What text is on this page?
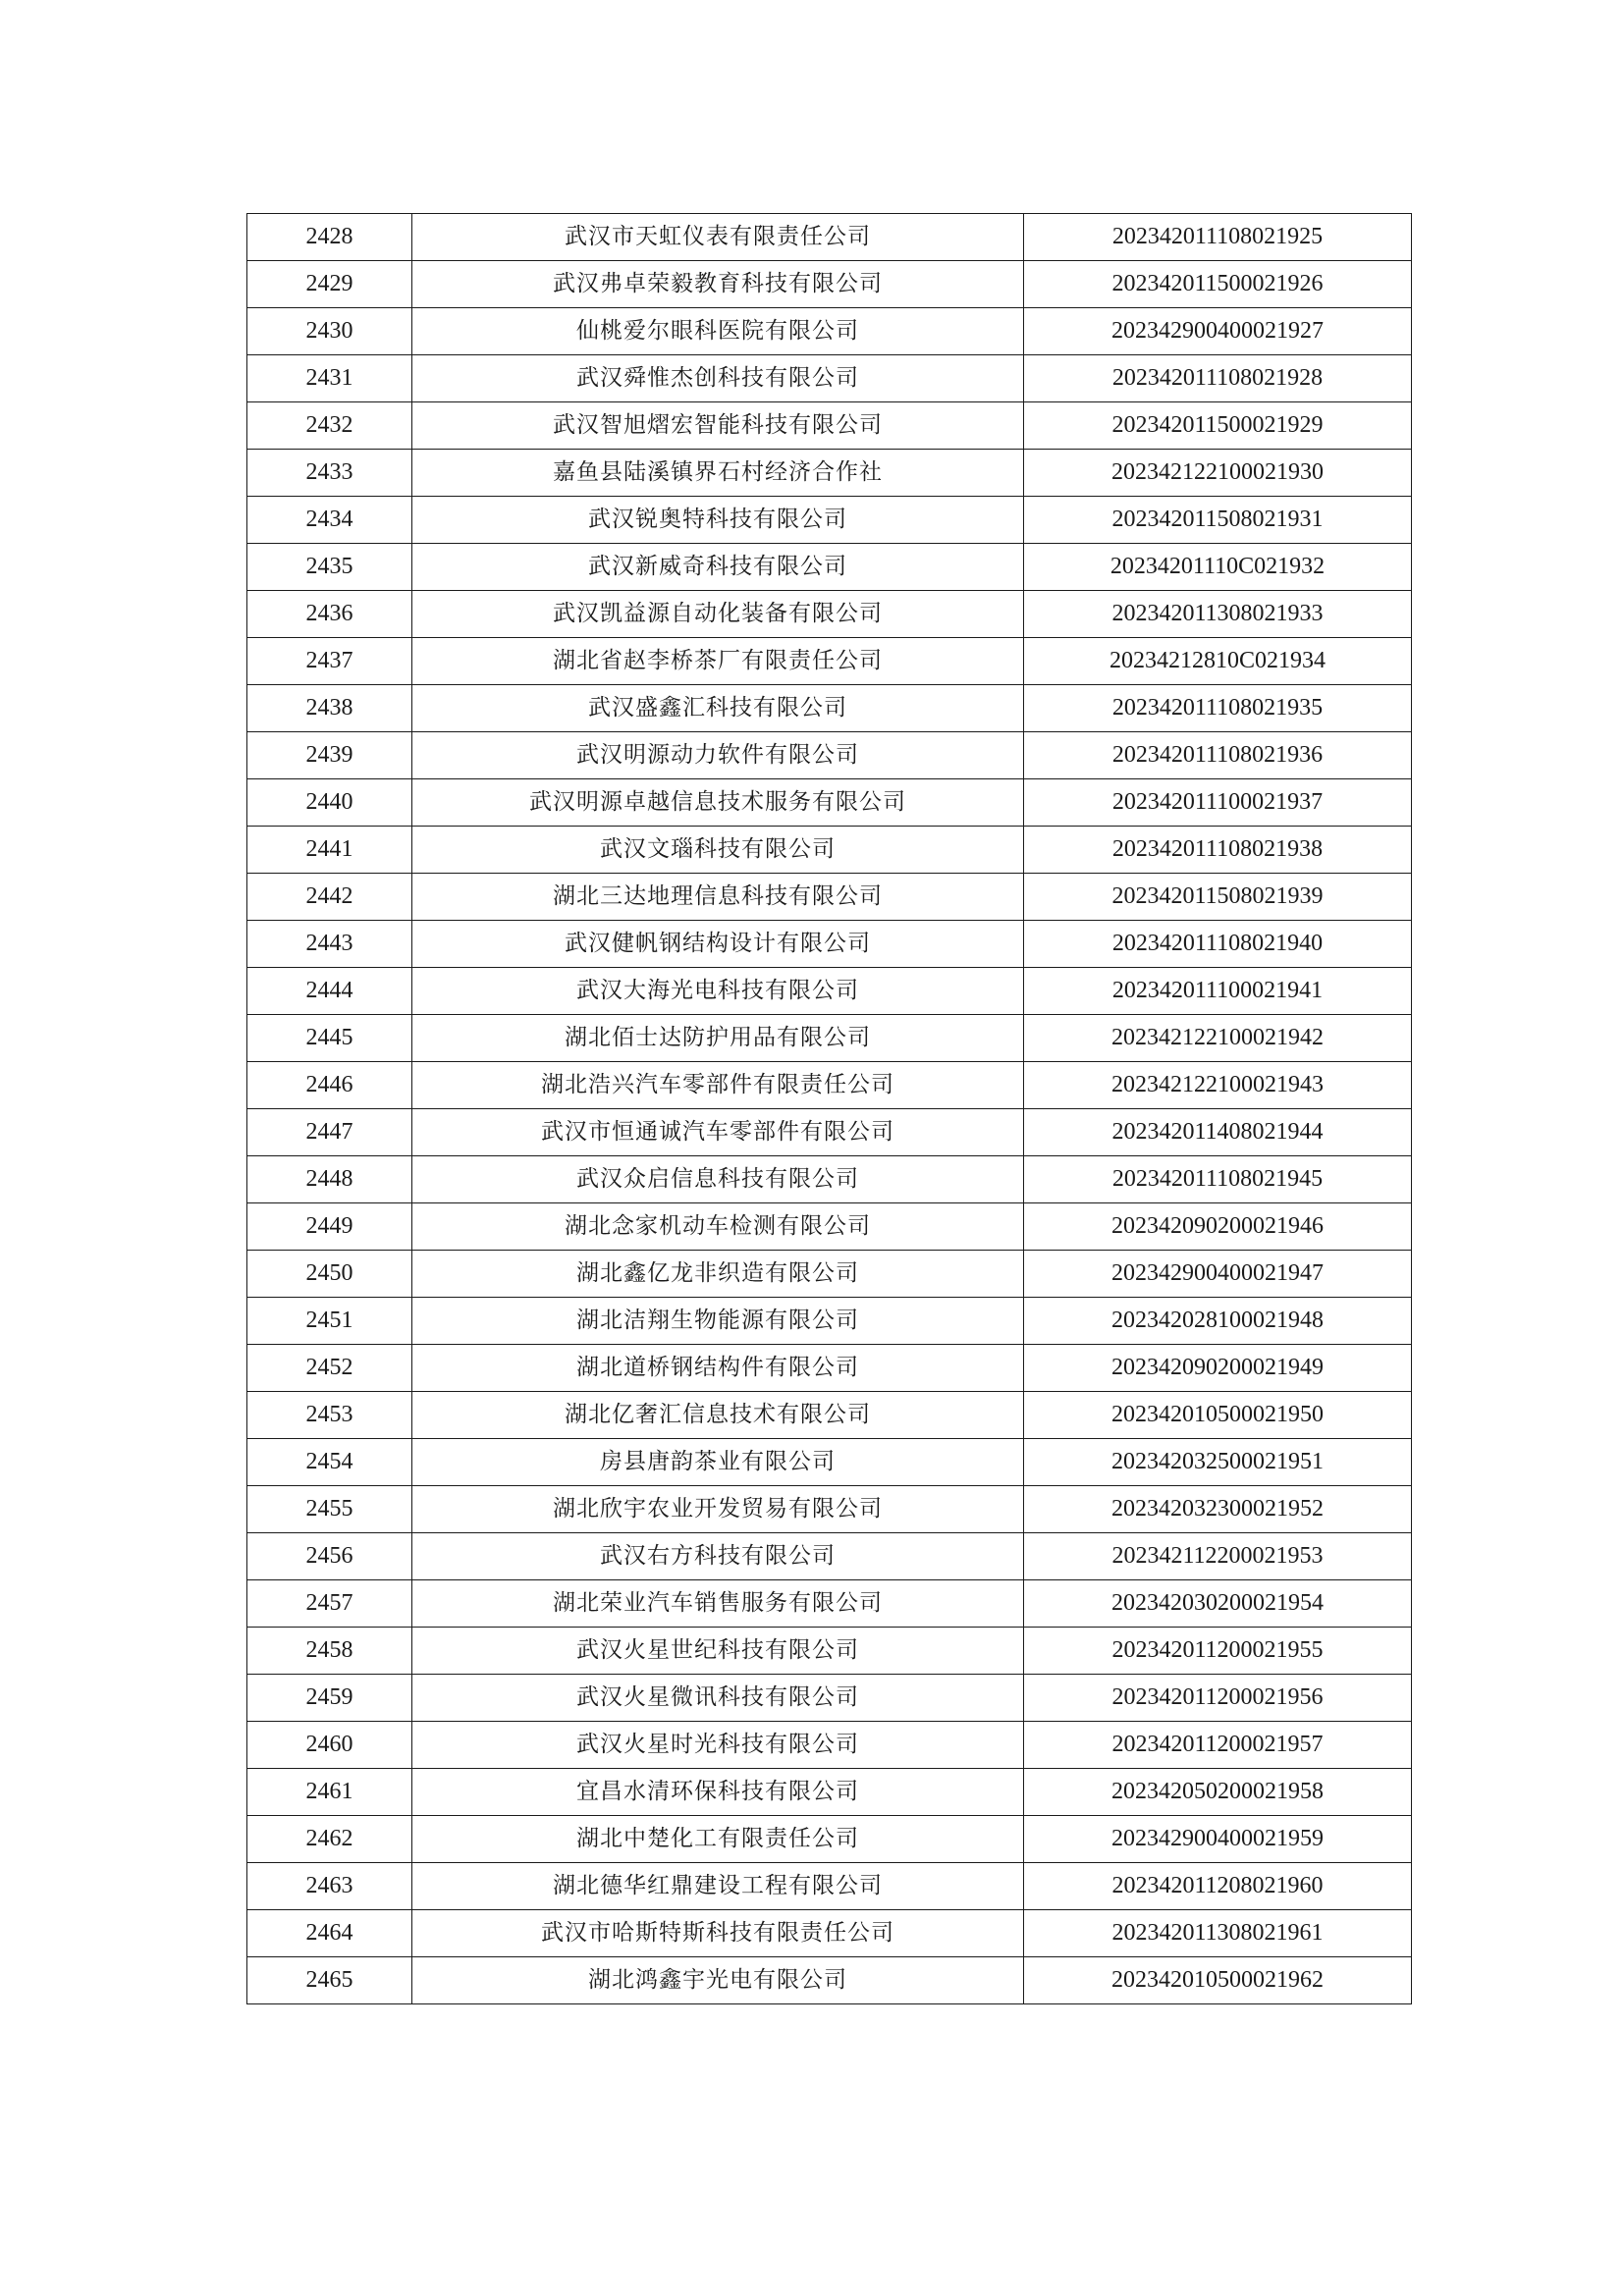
2428	武汉市天虹仪表有限责任公司	202342011108021925
2429	武汉弗卓荣毅教育科技有限公司	202342011500021926
2430	仙桃爱尔眼科医院有限公司	202342900400021927
2431	武汉舜惟杰创科技有限公司	202342011108021928
2432	武汉智旭熠宏智能科技有限公司	202342011500021929
2433	嘉鱼县陆溪镇界石村经济合作社	202342122100021930
2434	武汉锐奥特科技有限公司	202342011508021931
2435	武汉新威奇科技有限公司	20234201110C021932
2436	武汉凯益源自动化装备有限公司	202342011308021933
2437	湖北省赵李桥茶厂有限责任公司	20234212810C021934
2438	武汉盛鑫汇科技有限公司	202342011108021935
2439	武汉明源动力软件有限公司	202342011108021936
2440	武汉明源卓越信息技术服务有限公司	202342011100021937
2441	武汉文瑙科技有限公司	202342011108021938
2442	湖北三达地理信息科技有限公司	202342011508021939
2443	武汉健帆钢结构设计有限公司	202342011108021940
2444	武汉大海光电科技有限公司	202342011100021941
2445	湖北佰士达防护用品有限公司	202342122100021942
2446	湖北浩兴汽车零部件有限责任公司	202342122100021943
2447	武汉市恒通诚汽车零部件有限公司	202342011408021944
2448	武汉众启信息科技有限公司	202342011108021945
2449	湖北念家机动车检测有限公司	202342090200021946
2450	湖北鑫亿龙非织造有限公司	202342900400021947
2451	湖北洁翔生物能源有限公司	202342028100021948
2452	湖北道桥钢结构件有限公司	202342090200021949
2453	湖北亿奢汇信息技术有限公司	202342010500021950
2454	房县唐韵茶业有限公司	202342032500021951
2455	湖北欣宇农业开发贸易有限公司	202342032300021952
2456	武汉右方科技有限公司	202342112200021953
2457	湖北荣业汽车销售服务有限公司	202342030200021954
2458	武汉火星世纪科技有限公司	202342011200021955
2459	武汉火星微讯科技有限公司	202342011200021956
2460	武汉火星时光科技有限公司	202342011200021957
2461	宜昌水清环保科技有限公司	202342050200021958
2462	湖北中楚化工有限责任公司	202342900400021959
2463	湖北德华红鼎建设工程有限公司	202342011208021960
2464	武汉市哈斯特斯科技有限责任公司	202342011308021961
2465	湖北鸿鑫宇光电有限公司	202342010500021962
